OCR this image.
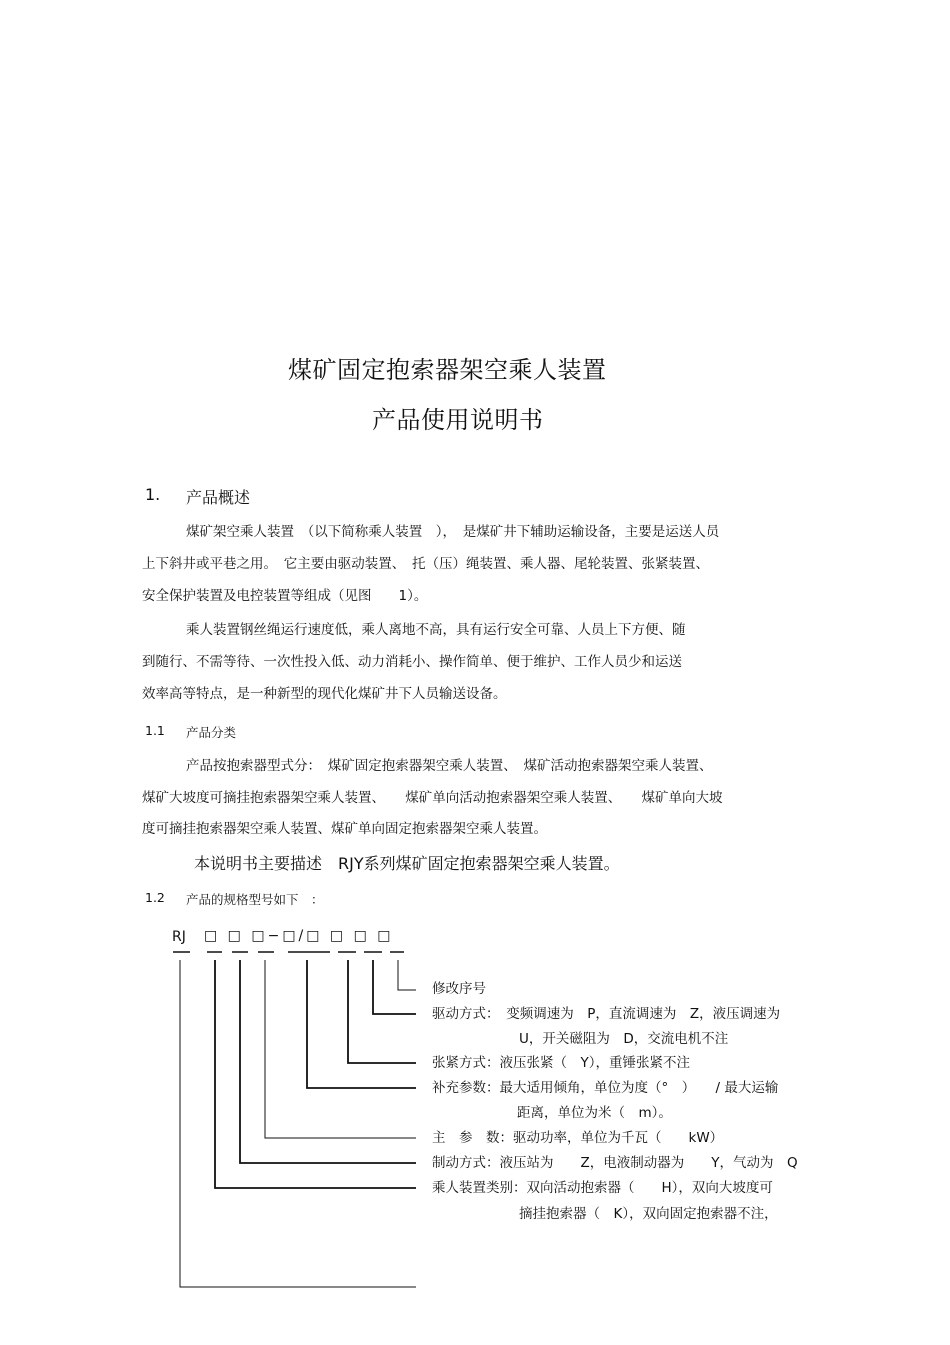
煤矿固定抱索器架空乘人装置
产品使用说明书
1. 产品概述
煤矿架空乘人装置　（以下简称乘人装置　），　是煤矿井下辅助运输设备，主要是运送人员
上下斜井或平巷之用。　它主要由驱动装置、　托（压）绳装置、乘人器、尾轮装置、张紧装置、
安全保护装置及电控装置等组成（见图　　1）。
乘人装置钢丝绳运行速度低，乘人离地不高，具有运行安全可靠、人员上下方便、随
到随行、不需等待、一次性投入低、动力消耗小、操作简单、便于维护、工作人员少和运送
效率高等特点，是一种新型的现代化煤矿井下人员输送设备。
1.1 产品分类
产品按抱索器型式分：　煤矿固定抱索器架空乘人装置、　煤矿活动抱索器架空乘人装置、
煤矿大坡度可摘挂抱索器架空乘人装置、　　煤矿单向活动抱索器架空乘人装置、　　煤矿单向大坡
度可摘挂抱索器架空乘人装置、煤矿单向固定抱索器架空乘人装置。
本说明书主要描述　RJY系列煤矿固定抱索器架空乘人装置。
1.2 产品的规格型号如下　：
RJ □ □ □−□/□ □ □ □
修改序号
驱动方式：　变频调速为　P，直流调速为　Z，液压调速为
U，开关磁阻为　D，交流电机不注
张紧方式：液压张紧（　Y），重锤张紧不注
补充参数：最大适用倾角，单位为度（°　）　　/ 最大运输
距离，单位为米（　m）。
主　参　数：驱动功率，单位为千瓦（　　kW）
制动方式：液压站为　　Z，电液制动器为　　Y，气动为　Q
乘人装置类别：双向活动抱索器（　　H），双向大坡度可
摘挂抱索器（　K），双向固定抱索器不注，
